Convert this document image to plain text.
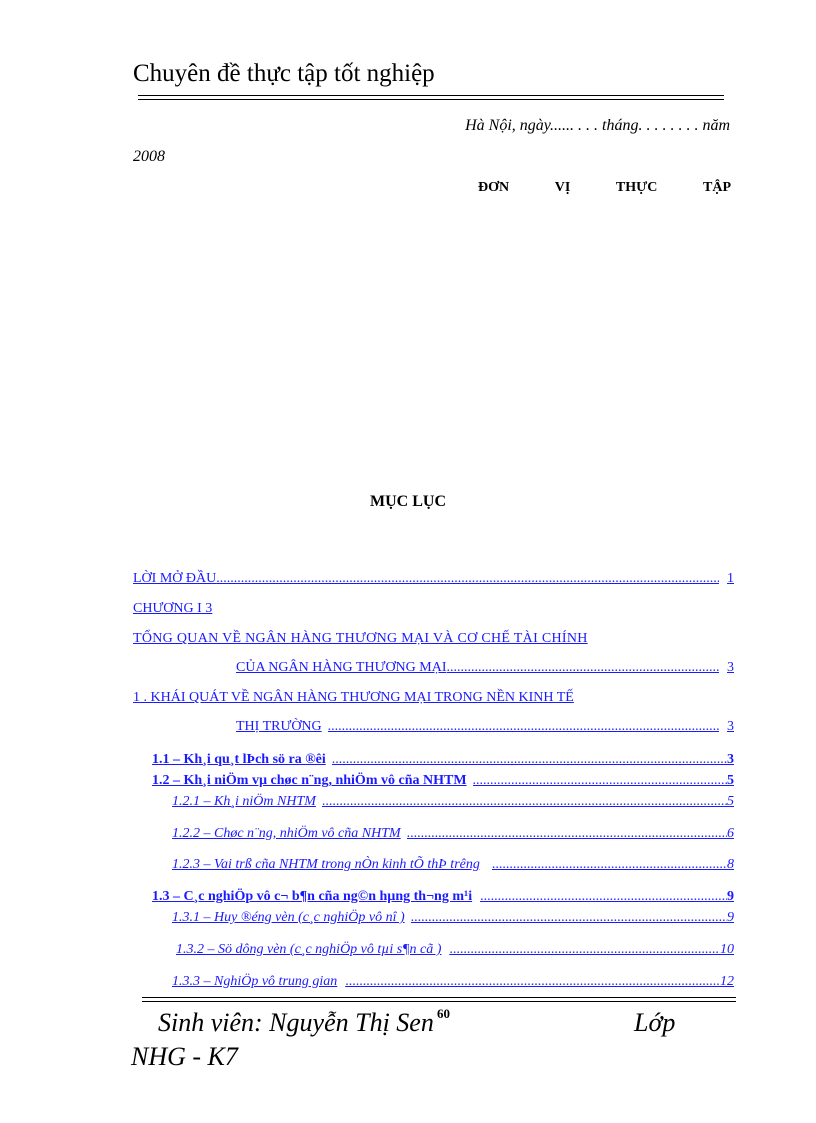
Chuyên đề thực tập tốt nghiệp
Hà Nội, ngày...... . . . tháng. . . . . . . . năm
2008
ĐƠN	VỊ	THỰC	TẬP
MỤC LỤC
LỜI MỞ ĐẦU .....	1
CHƯƠNG I 3
TỔNG QUAN VỀ NGÂN HÀNG THƯƠNG MẠI VÀ CƠ CHẾ TÀI CHÍNH
CỦA NGÂN HÀNG THƯƠNG MẠI .....	3
1 . KHÁI QUÁT VỀ NGÂN HÀNG THƯƠNG MẠI TRONG NỀN KINH TẾ
THỊ TRƯỜNG .....	3
1.1 – Kh¸i qu¸t lÞch sö ra ®êi .....	3
1.2 – Kh¸i niÖm vµ chøc n¨ng, nhiÖm vô cña NHTM .....	5
1.2.1 – Kh¸i niÖm NHTM .....	5
1.2.2 – Chøc n¨ng, nhiÖm vô cña NHTM .....	6
1.2.3 – Vai trß cña NHTM trong nÒn kinh tÕ thÞ trêng .....	8
1.3 – C¸c nghiÖp vô c¬ b¶n cña ng©n hµng th¬ng m¹i .....	9
1.3.1 – Huy ®éng vèn (c¸c nghiÖp vô nî ) .....	9
1.3.2 – Sö dông vèn (c¸c nghiÖp vô tµi s¶n cã ) .....	10
1.3.3 – NghiÖp vô trung gian .....	12
60
Sinh viên: Nguyễn Thị Sen	Lớp
NHG - K7
